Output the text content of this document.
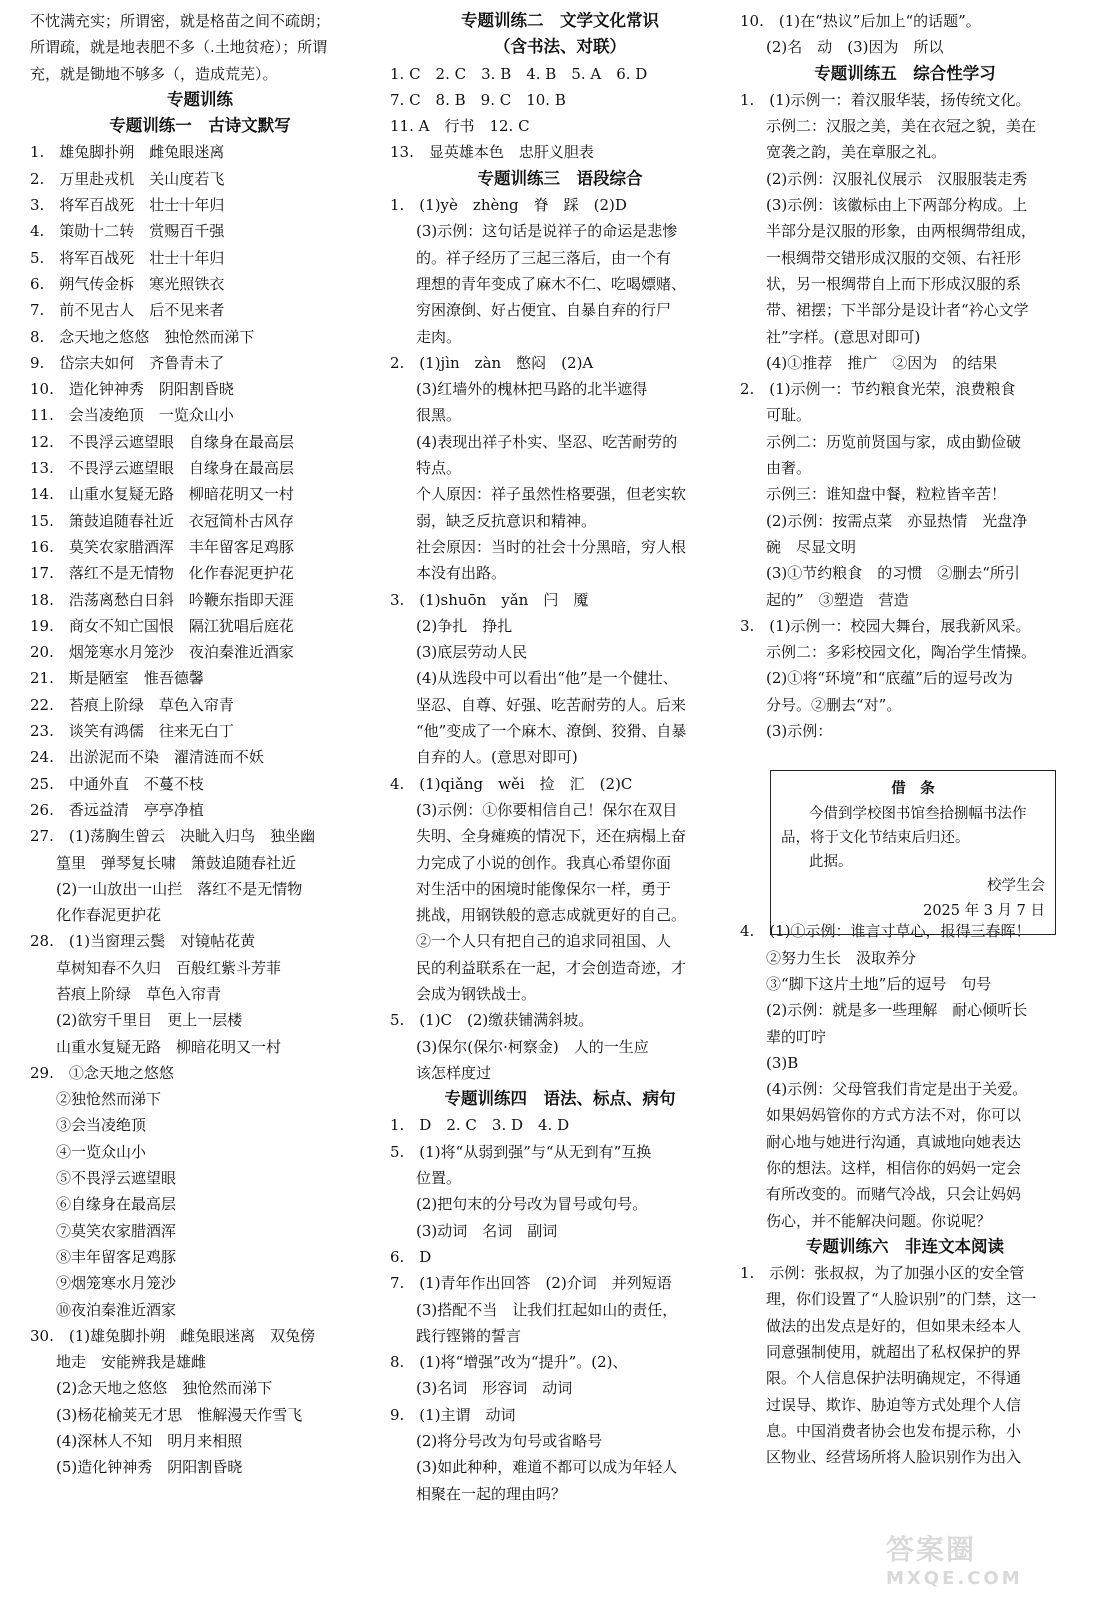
不忱满充实；所谓密，就是格苗之间不疏朗；
所谓疏，就是地表肥不多（.土地贫疮）；所谓
充，就是锄地不够多（，造成荒芜）。
专题训练
专题训练一　古诗文默写
1.　雄兔脚扑朔　雌兔眼迷离
2.　万里赴戎机　关山度若飞
3.　将军百战死　壮士十年归
4.　策勋十二转　赏赐百千强
5.　将军百战死　壮士十年归
6.　朔气传金柝　寒光照铁衣
7.　前不见古人　后不见来者
8.　念天地之悠悠　独怆然而涕下
9.　岱宗夫如何　齐鲁青未了
10.　造化钟神秀　阴阳割昏晓
11.　会当凌绝顶　一览众山小
12.　不畏浮云遮望眼　自缘身在最高层
13.　不畏浮云遮望眼　自缘身在最高层
14.　山重水复疑无路　柳暗花明又一村
15.　箫鼓追随春社近　衣冠简朴古风存
16.　莫笑农家腊酒浑　丰年留客足鸡豚
17.　落红不是无情物　化作春泥更护花
18.　浩荡离愁白日斜　吟鞭东指即天涯
19.　商女不知亡国恨　隔江犹唱后庭花
20.　烟笼寒水月笼沙　夜泊秦淮近酒家
21.　斯是陋室　惟吾德馨
22.　苔痕上阶绿　草色入帘青
23.　谈笑有鸿儒　往来无白丁
24.　出淤泥而不染　濯清涟而不妖
25.　中通外直　不蔓不枝
26.　香远益清　亭亭净植
27.　(1)荡胸生曾云　决眦入归鸟　独坐幽
篁里　弹琴复长啸　箫鼓追随春社近
(2)一山放出一山拦　落红不是无情物
化作春泥更护花
28.　(1)当窗理云鬓　对镜帖花黄
草树知春不久归　百般红紫斗芳菲
苔痕上阶绿　草色入帘青
(2)欲穷千里目　更上一层楼
山重水复疑无路　柳暗花明又一村
29.　①念天地之悠悠
②独怆然而涕下
③会当凌绝顶
④一览众山小
⑤不畏浮云遮望眼
⑥自缘身在最高层
⑦莫笑农家腊酒浑
⑧丰年留客足鸡豚
⑨烟笼寒水月笼沙
⑩夜泊秦淮近酒家
30.　(1)雄兔脚扑朔　雌兔眼迷离　双兔傍
地走　安能辨我是雄雌
(2)念天地之悠悠　独怆然而涕下
(3)杨花榆荚无才思　惟解漫天作雪飞
(4)深林人不知　明月来相照
(5)造化钟神秀　阴阳割昏晓
专题训练二　文学文化常识
（含书法、对联）
1. C　2. C　3. B　4. B　5. A　6. D
7. C　8. B　9. C　10. B
11. A　行书　12. C
13.　显英雄本色　忠肝义胆表
专题训练三　语段综合
1.　(1)yè　zhèng　脊　踩　(2)D
(3)示例：这句话是说祥子的命运是悲惨
的。祥子经历了三起三落后，由一个有
理想的青年变成了麻木不仁、吃喝嫖赌、
穷困潦倒、好占便宜、自暴自弃的行尸
走肉。
2.　(1)jìn　zàn　憋闷　(2)A
(3)红墙外的槐林把马路的北半遮得
很黑。
(4)表现出祥子朴实、坚忍、吃苦耐劳的
特点。
个人原因：祥子虽然性格要强，但老实软
弱，缺乏反抗意识和精神。
社会原因：当时的社会十分黑暗，穷人根
本没有出路。
3.　(1)shuōn　yǎn　闩　魇
(2)争扎　挣扎
(3)底层劳动人民
(4)从选段中可以看出“他”是一个健壮、
坚忍、自尊、好强、吃苦耐劳的人。后来
“他”变成了一个麻木、潦倒、狡猾、自暴
自弃的人。(意思对即可)
4.　(1)qiǎng　wěi　捡　汇　(2)C
(3)示例：①你要相信自己！保尔在双目
失明、全身瘫痪的情况下，还在病榻上奋
力完成了小说的创作。我真心希望你面
对生活中的困境时能像保尔一样，勇于
挑战，用钢铁般的意志成就更好的自己。
②一个人只有把自己的追求同祖国、人
民的利益联系在一起，才会创造奇迹，才
会成为钢铁战士。
5.　(1)C　(2)缴获铺满斜坡。
(3)保尔(保尔·柯察金)　人的一生应
该怎样度过
专题训练四　语法、标点、病句
1.　D　2. C　3. D　4. D
5.　(1)将“从弱到强”与“从无到有”互换
位置。
(2)把句末的分号改为冒号或句号。
(3)动词　名词　副词
6.　D
7.　(1)青年作出回答　(2)介词　并列短语
(3)搭配不当　让我们扛起如山的责任，
践行铿锵的誓言
8.　(1)将“增强”改为“提升”。(2)、
(3)名词　形容词　动词
9.　(1)主谓　动词
(2)将分号改为句号或省略号
(3)如此种种，难道不都可以成为年轻人
相聚在一起的理由吗？
10.　(1)在“热议”后加上“的话题”。
(2)名　动　(3)因为　所以
专题训练五　综合性学习
1.　(1)示例一：着汉服华装，扬传统文化。
示例二：汉服之美，美在衣冠之貌，美在
宽袭之韵，美在章服之礼。
(2)示例：汉服礼仪展示　汉服服装走秀
(3)示例：该徽标由上下两部分构成。上
半部分是汉服的形象，由两根绸带组成，
一根绸带交错形成汉服的交领、右衽形
状，另一根绸带自上而下形成汉服的系
带、裙摆；下半部分是设计者“衿心文学
社”字样。(意思对即可)
(4)①推荐　推广　②因为　的结果
2.　(1)示例一：节约粮食光荣，浪费粮食
可耻。
示例二：历览前贤国与家，成由勤俭破
由奢。
示例三：谁知盘中餐，粒粒皆辛苦！
(2)示例：按需点菜　亦显热情　光盘净
碗　尽显文明
(3)①节约粮食　的习惯　②删去“所引
起的”　③塑造　营造
3.　(1)示例一：校园大舞台，展我新风采。
示例二：多彩校园文化，陶冶学生情操。
(2)①将“环境”和“底蕴”后的逗号改为
分号。②删去“对”。
(3)示例：
4.　(1)①示例：谁言寸草心，报得三春晖！
②努力生长　汲取养分
③“脚下这片土地”后的逗号　句号
(2)示例：就是多一些理解　耐心倾听长
辈的叮咛
(3)B
(4)示例：父母管我们肯定是出于关爱。
如果妈妈管你的方式方法不对，你可以
耐心地与她进行沟通，真诚地向她表达
你的想法。这样，相信你的妈妈一定会
有所改变的。而赌气冷战，只会让妈妈
伤心，并不能解决问题。你说呢？
专题训练六　非连文本阅读
1.　示例：张叔叔，为了加强小区的安全管
理，你们设置了“人脸识别”的门禁，这一
做法的出发点是好的，但如果未经本人
同意强制使用，就超出了私权保护的界
限。个人信息保护法明确规定，不得通
过误导、欺诈、胁迫等方式处理个人信
息。中国消费者协会也发布提示称，小
区物业、经营场所将人脸识别作为出入
借　条
今借到学校图书馆叁拾捌幅书法作品，将于文化节结束后归还。
此据。
校学生会
2025 年 3 月 7 日
答案圈
MXQE.COM
